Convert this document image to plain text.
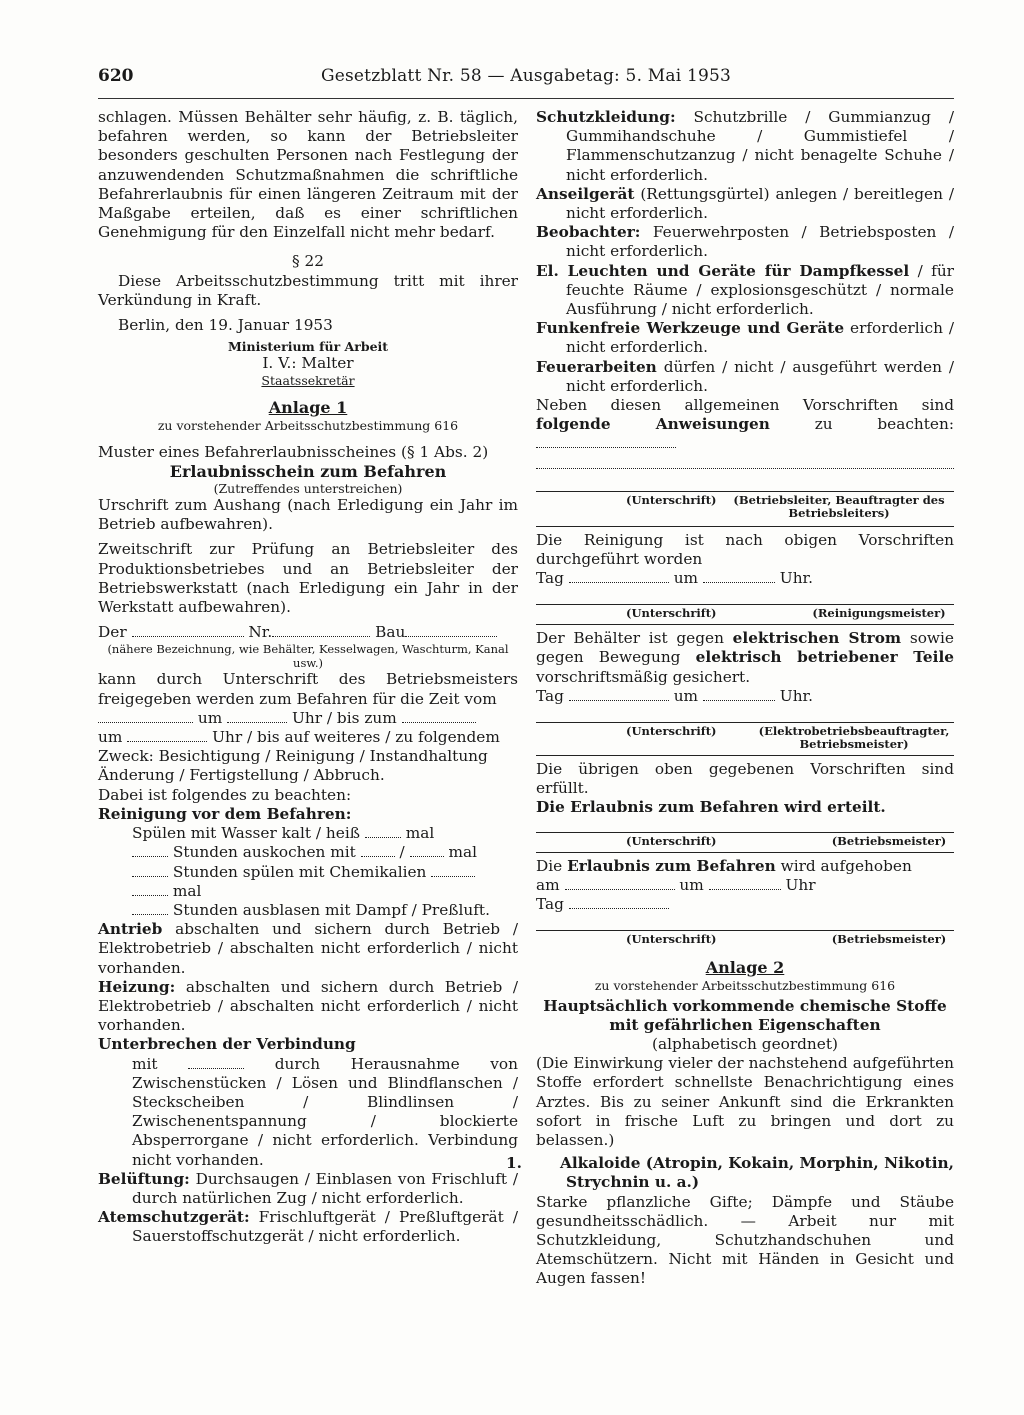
620	Gesetzblatt Nr. 58 — Ausgabetag: 5. Mai 1953

schlagen. Müssen Behälter sehr häufig, z. B. täglich, befahren werden, so kann der Betriebsleiter besonders geschulten Personen nach Festlegung der anzuwendenden Schutzmaßnahmen die schriftliche Befahrerlaubnis für einen längeren Zeitraum mit der Maßgabe erteilen, daß es einer schriftlichen Genehmigung für den Einzelfall nicht mehr bedarf.

§ 22

Diese Arbeitsschutzbestimmung tritt mit ihrer Verkündung in Kraft.

Berlin, den 19. Januar 1953

Ministerium für Arbeit

I. V.: Malter

Staatssekretär

Anlage 1

zu vorstehender Arbeitsschutzbestimmung 616

Muster eines Befahrerlaubnisscheines (§ 1 Abs. 2)

Erlaubnisschein zum Befahren

(Zutreffendes unterstreichen)

Urschrift zum Aushang (nach Erledigung ein Jahr im Betrieb aufbewahren).

Zweitschrift zur Prüfung an Betriebsleiter des Produktionsbetriebes und an Betriebsleiter der Betriebswerkstatt (nach Erledigung ein Jahr in der Werkstatt aufbewahren).

Der	Nr.	Bau

(nähere Bezeichnung, wie Behälter, Kesselwagen, Waschturm, Kanal usw.)

kann durch Unterschrift des Betriebsmeisters freigegeben werden zum Befahren für die Zeit vom

um	Uhr / bis zum

um	Uhr / bis auf weiteres / zu folgendem

Zweck: Besichtigung / Reinigung / Instandhaltung Änderung / Fertigstellung / Abbruch.

Dabei ist folgendes zu beachten:

Reinigung vor dem Befahren:

Spülen mit Wasser kalt / heiß	mal

Stunden auskochen mit	/	mal

Stunden spülen mit Chemikalien

mal

Stunden ausblasen mit Dampf / Preßluft.

Antrieb abschalten und sichern durch Betrieb / Elektrobetrieb / abschalten nicht erforderlich / nicht vorhanden.

Heizung: abschalten und sichern durch Betrieb / Elektrobetrieb / abschalten nicht erforderlich / nicht vorhanden.

Unterbrechen der Verbindung

mit	durch Herausnahme von Zwischenstücken / Lösen und Blindflanschen / Steckscheiben / Blindlinsen / Zwischenentspannung / blockierte Absperrorgane / nicht erforderlich. Verbindung nicht vorhanden.

Belüftung: Durchsaugen / Einblasen von Frischluft / durch natürlichen Zug / nicht erforderlich.

Atemschutzgerät: Frischluftgerät / Preßluftgerät / Sauerstoffschutzgerät / nicht erforderlich.

Schutzkleidung: Schutzbrille / Gummianzug / Gummihandschuhe / Gummistiefel / Flammenschutzanzug / nicht benagelte Schuhe / nicht erforderlich.

Anseilgerät (Rettungsgürtel) anlegen / bereitlegen / nicht erforderlich.

Beobachter: Feuerwehrposten / Betriebsposten / nicht erforderlich.

El. Leuchten und Geräte für Dampfkessel / für feuchte Räume / explosionsgeschützt / normale Ausführung / nicht erforderlich.

Funkenfreie Werkzeuge und Geräte erforderlich / nicht erforderlich.

Feuerarbeiten dürfen / nicht / ausgeführt werden / nicht erforderlich.

Neben diesen allgemeinen Vorschriften sind folgende Anweisungen	zu beachten:

(Unterschrift)	(Betriebsleiter, Beauftragter des Betriebsleiters)

Die Reinigung ist nach obigen Vorschriften durchgeführt worden

Tag	um	Uhr.

(Unterschrift)	(Reinigungsmeister)

Der Behälter ist gegen elektrischen Strom sowie gegen Bewegung elektrisch betriebener Teile vorschriftsmäßig gesichert.

Tag	um	Uhr.

(Unterschrift)	(Elektrobetriebsbeauftragter, Betriebsmeister)

Die übrigen oben gegebenen Vorschriften sind erfüllt.

Die Erlaubnis zum Befahren wird erteilt.

(Unterschrift)	(Betriebsmeister)

Die Erlaubnis zum Befahren wird aufgehoben

am	um	Uhr

Tag

(Unterschrift)	(Betriebsmeister)

Anlage 2

zu vorstehender Arbeitsschutzbestimmung 616

Hauptsächlich vorkommende chemische Stoffe mit gefährlichen Eigenschaften

(alphabetisch geordnet)

(Die Einwirkung vieler der nachstehend aufgeführten Stoffe erfordert schnellste Benachrichtigung eines Arztes. Bis zu seiner Ankunft sind die Erkrankten sofort in frische Luft zu bringen und dort zu belassen.)

1. Alkaloide (Atropin, Kokain, Morphin, Nikotin, Strychnin u. a.)

Starke pflanzliche Gifte; Dämpfe und Stäube gesundheitsschädlich. — Arbeit nur mit Schutzkleidung, Schutzhandschuhen und Atemschützern. Nicht mit Händen in Gesicht und Augen fassen!
